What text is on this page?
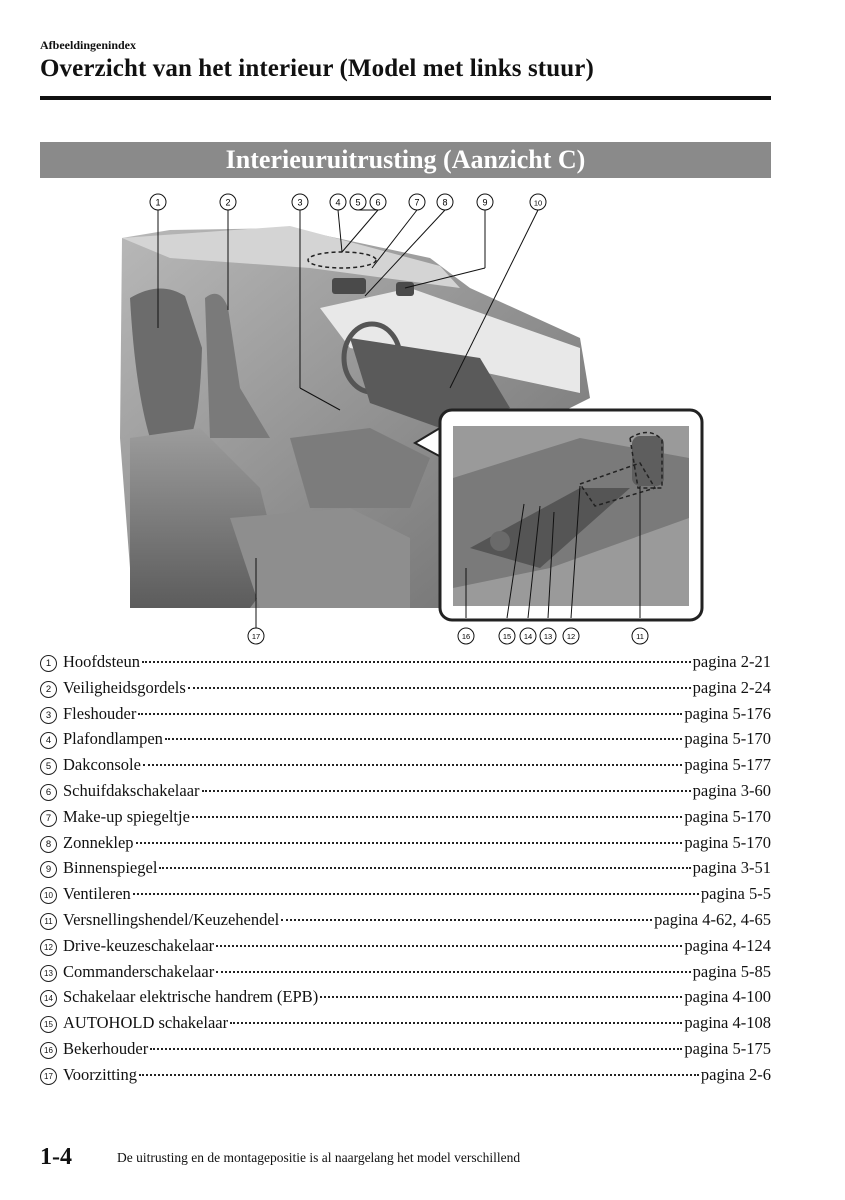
Afbeeldingenindex
Overzicht van het interieur (Model met links stuur)
Interieuruitrusting (Aanzicht C)
1	2	3	4 5 6	7	8	9	10
17	16	15 14 13 12	11
1 Hoofdsteun	pagina 2-21
2 Veiligheidsgordels	pagina 2-24
3 Fleshouder	pagina 5-176
4 Plafondlampen	pagina 5-170
5 Dakconsole	pagina 5-177
6 Schuifdakschakelaar	pagina 3-60
7 Make-up spiegeltje	pagina 5-170
8 Zonneklep	pagina 5-170
9 Binnenspiegel	pagina 3-51
10 Ventileren	pagina 5-5
11 Versnellingshendel/Keuzehendel	pagina 4-62, 4-65
12 Drive-keuzeschakelaar	pagina 4-124
13 Commanderschakelaar	pagina 5-85
14 Schakelaar elektrische handrem (EPB)	pagina 4-100
15 AUTOHOLD schakelaar	pagina 4-108
16 Bekerhouder	pagina 5-175
17 Voorzitting	pagina 2-6
1-4	De uitrusting en de montagepositie is al naargelang het model verschillend
